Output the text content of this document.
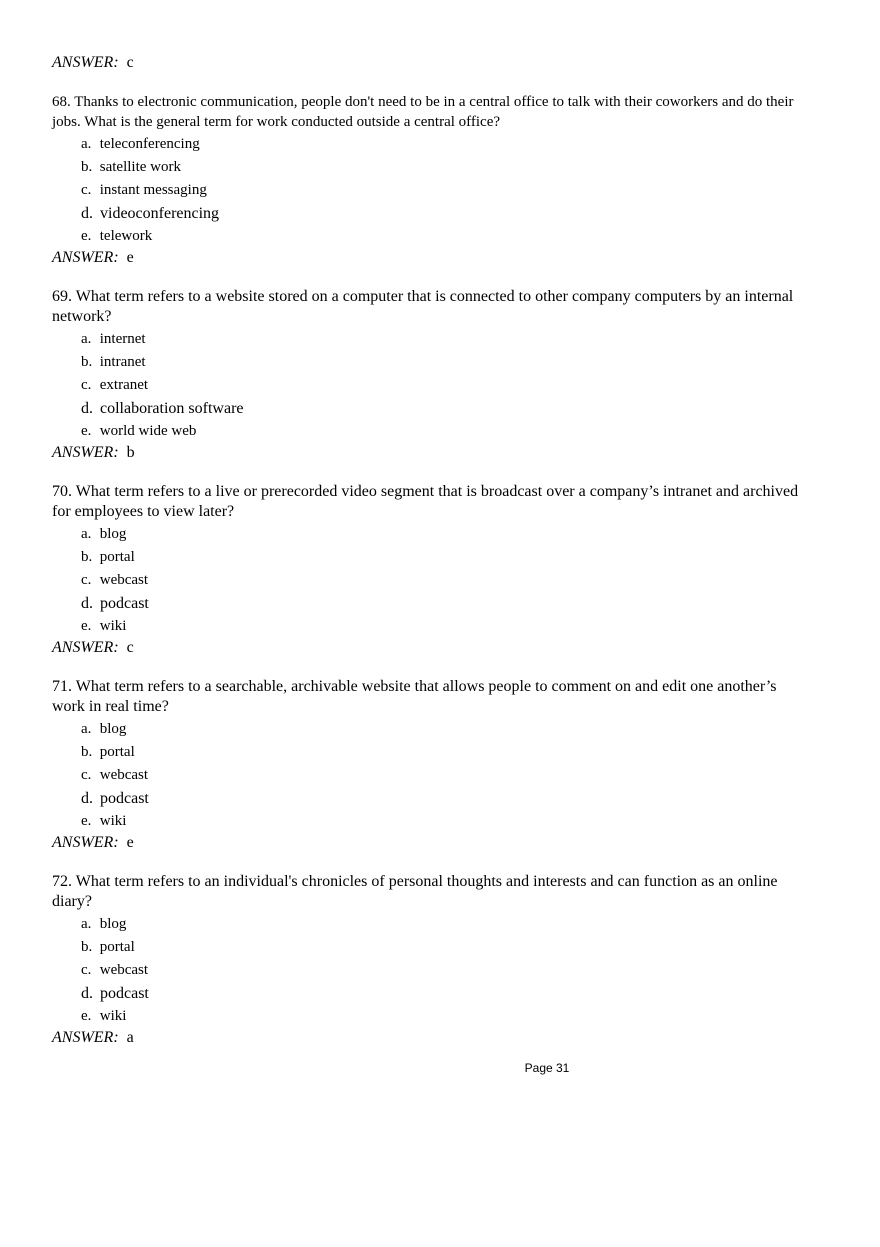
ANSWER: c

68. Thanks to electronic communication, people don't need to be in a central office to talk with their coworkers and do their jobs. What is the general term for work conducted outside a central office?

a. teleconferencing
b. satellite work
c. instant messaging
d. videoconferencing
e. telework

ANSWER: e

69. What term refers to a website stored on a computer that is connected to other company computers by an internal network?

a. internet
b. intranet
c. extranet
d. collaboration software
e. world wide web

ANSWER: b

70. What term refers to a live or prerecorded video segment that is broadcast over a company’s intranet and archived for employees to view later?

a. blog
b. portal
c. webcast
d. podcast
e. wiki

ANSWER: c

71. What term refers to a searchable, archivable website that allows people to comment on and edit one another’s work in real time?

a. blog
b. portal
c. webcast
d. podcast
e. wiki

ANSWER: e

72. What term refers to an individual's chronicles of personal thoughts and interests and can function as an online diary?

a. blog
b. portal
c. webcast
d. podcast
e. wiki

ANSWER: a

Page 31
